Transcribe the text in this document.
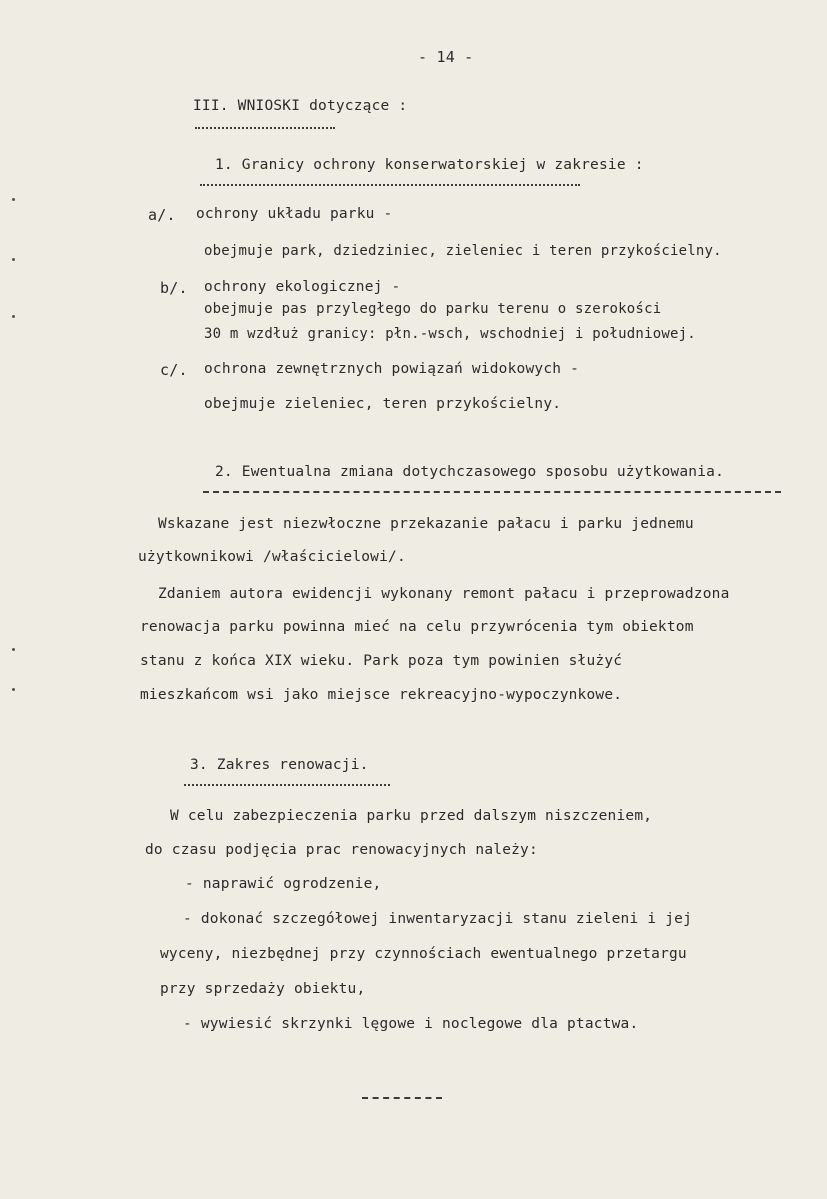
- 14 -
III. WNIOSKI dotyczące :
1. Granicy ochrony konserwatorskiej w zakresie :
a/. ochrony układu parku -
obejmuje park, dziedziniec, zieleniec i teren przykościelny.
b/. ochrony ekologicznej -
obejmuje pas przyległego do parku terenu o szerokości
30 m wzdłuż granicy: płn.-wsch, wschodniej i południowej.
c/. ochrona zewnętrznych powiązań widokowych -
obejmuje zieleniec, teren przykościelny.
2. Ewentualna zmiana dotychczasowego sposobu użytkowania.
Wskazane jest niezwłoczne przekazanie pałacu i parku jednemu
użytkownikowi /właścicielowi/.
Zdaniem autora ewidencji wykonany remont pałacu i przeprowadzona
renowacja parku powinna mieć na celu przywrócenia tym obiektom
stanu z końca XIX wieku. Park poza tym powinien służyć
mieszkańcom wsi jako miejsce rekreacyjno-wypoczynkowe.
3. Zakres renowacji.
W celu zabezpieczenia parku przed dalszym niszczeniem,
do czasu podjęcia prac renowacyjnych należy:
- naprawić ogrodzenie,
- dokonać szczegółowej inwentaryzacji stanu zieleni i jej
wyceny, niezbędnej przy czynnościach ewentualnego przetargu
przy sprzedaży obiektu,
- wywiesić skrzynki lęgowe i noclegowe dla ptactwa.
